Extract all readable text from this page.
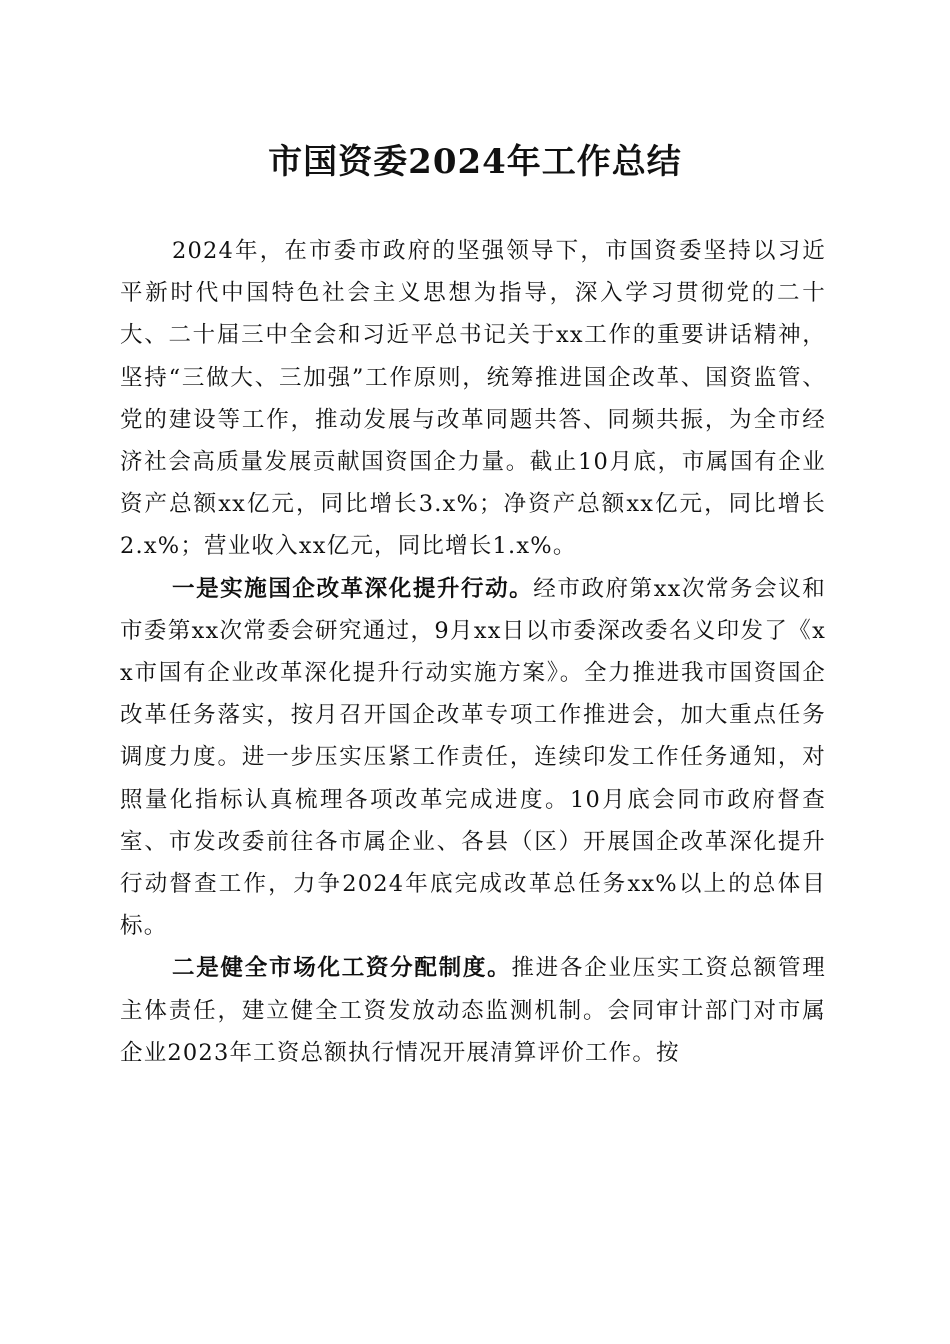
市国资委2024年工作总结

2024年，在市委市政府的坚强领导下，市国资委坚持以习近平新时代中国特色社会主义思想为指导，深入学习贯彻党的二十大、二十届三中全会和习近平总书记关于xx工作的重要讲话精神，坚持“三做大、三加强”工作原则，统筹推进国企改革、国资监管、党的建设等工作，推动发展与改革同题共答、同频共振，为全市经济社会高质量发展贡献国资国企力量。截止10月底，市属国有企业资产总额xx亿元，同比增长3.x%；净资产总额xx亿元，同比增长2.x%；营业收入xx亿元，同比增长1.x%。

一是实施国企改革深化提升行动。经市政府第xx次常务会议和市委第xx次常委会研究通过，9月xx日以市委深改委名义印发了《xx市国有企业改革深化提升行动实施方案》。全力推进我市国资国企改革任务落实，按月召开国企改革专项工作推进会，加大重点任务调度力度。进一步压实压紧工作责任，连续印发工作任务通知，对照量化指标认真梳理各项改革完成进度。10月底会同市政府督查室、市发改委前往各市属企业、各县（区）开展国企改革深化提升行动督查工作，力争2024年底完成改革总任务xx%以上的总体目标。

二是健全市场化工资分配制度。推进各企业压实工资总额管理主体责任，建立健全工资发放动态监测机制。会同审计部门对市属企业2023年工资总额执行情况开展清算评价工作。按
